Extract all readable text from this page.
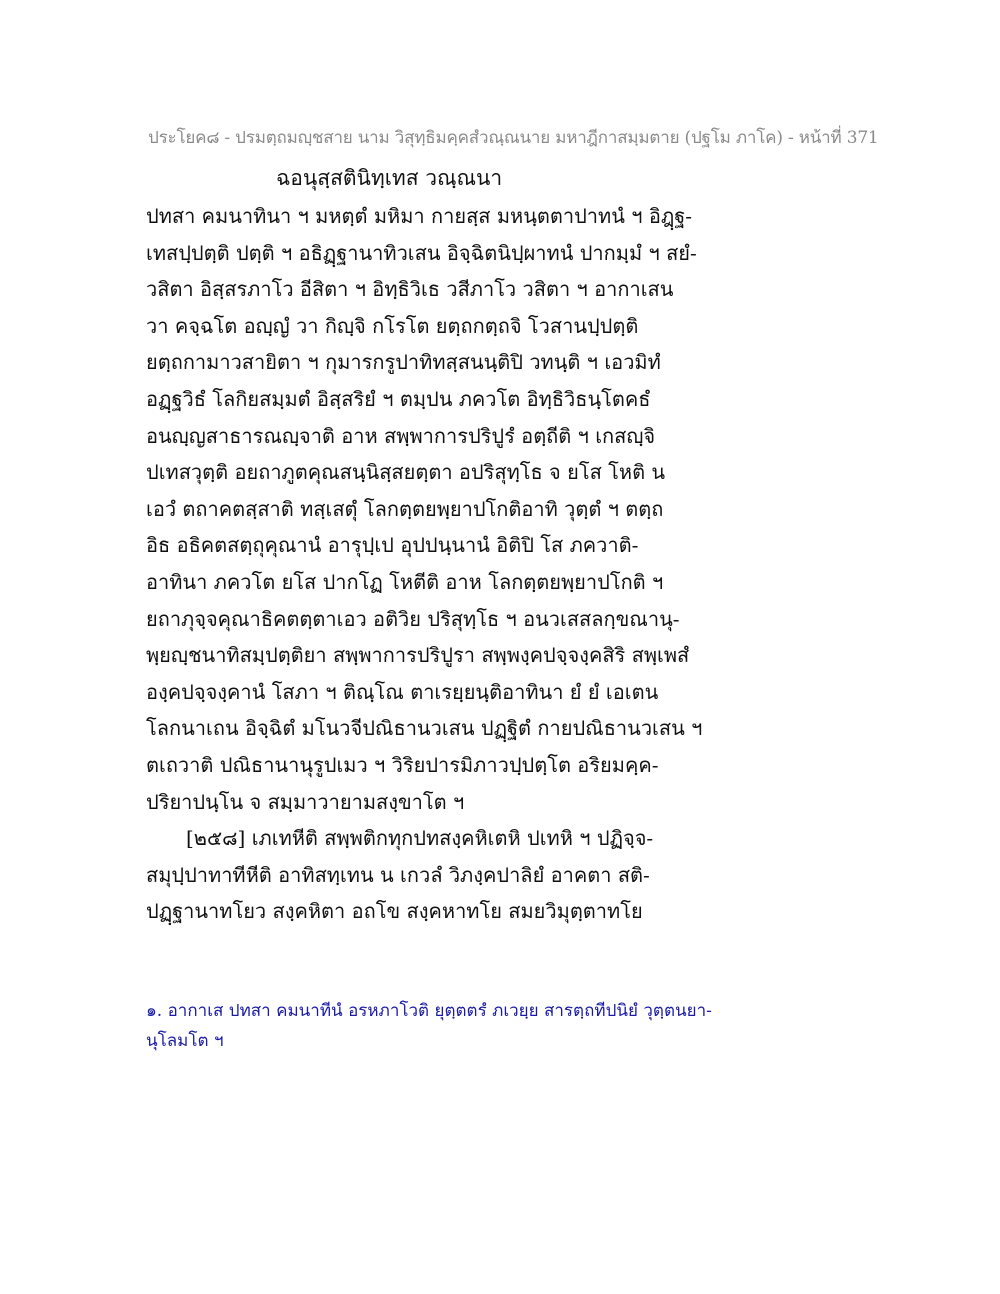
ประโยค๘ - ปรมตฺถมญฺชสาย นาม วิสุทฺธิมคฺคสํวณฺณนาย มหาฎีกาสมฺมตาย (ปฐโม ภาโค) - หน้าที่ 371
ฉอนุสฺสตินิทฺเทส วณฺณนา
ปทสา คมนาทินา ฯ มหตฺตํ มหิมา กายสฺส มหนฺตตาปาทนํ ฯ อิฎฺฐ-
เทสปฺปตฺติ ปตฺติ ฯ อธิฏฺฐานาทิวเสน อิจฺฉิตนิปฺผาทนํ ปากมฺมํ ฯ สยํ-
วสิตา อิสฺสรภาโว อีสิตา ฯ อิทฺธิวิเธ วสีภาโว วสิตา ฯ อากาเสน
วา คจฺฉโต อญฺญํ วา กิญฺจิ กโรโต ยตฺถกตฺถจิ โวสานปฺปตฺติ
ยตฺถกามาวสายิตา ฯ กุมารกรูปาทิทสฺสนนฺติปิ วทนฺติ ฯ เอวมิทํ
อฏฺฐวิธํ โลกิยสมฺมตํ อิสฺสริยํ ฯ ตมฺปน ภควโต อิทฺธิวิธนฺโตคธํ
อนญฺญสาธารณญฺจาติ อาห สพฺพาการปริปูรํ อตฺถีติ ฯ เกสญฺจิ
ปเทสวุตฺติ อยถาภูตคุณสนฺนิสฺสยตฺตา อปริสุทฺโธ จ ยโส โหติ น
เอวํ ตถาคตสฺสาติ ทสฺเสตุํ โลกตฺตยพฺยาปโกติอาทิ วุตฺตํ ฯ ตตฺถ
อิธ อธิคตสตฺถุคุณานํ อารุปฺเป อุปปนฺนานํ อิติปิ โส ภควาติ-
อาทินา ภควโต ยโส ปากโฏ โหตีติ อาห โลกตฺตยพฺยาปโกติ ฯ
ยถาภุจฺจคุณาธิคตตฺตาเอว อติวิย ปริสุทฺโธ ฯ อนวเสสลกฺขณานุ-
พฺยญฺชนาทิสมฺปตฺติยา สพฺพาการปริปูรา สพฺพงฺคปจฺจงฺคสิริ สพฺเพสํ
องฺคปจฺจงฺคานํ โสภา ฯ ติณฺโณ ตาเรยฺยนฺติอาทินา ยํ ยํ เอเตน
โลกนาเถน อิจฺฉิตํ มโนวจีปณิธานวเสน ปฏฺฐิตํ กายปณิธานวเสน ฯ
ตเถวาติ ปณิธานานุรูปเมว ฯ วิริยปารมิภาวปฺปตฺโต อริยมคฺค-
ปริยาปนฺโน จ สมฺมาวายามสงฺขาโต ฯ
[๒๕๘] เภเทหีติ สพฺพติกทุกปทสงฺคหิเตหิ ปเทหิ ฯ ปฏิจฺจ-
สมุปฺปาทาทีหีติ อาทิสทฺเทน น เกวลํ วิภงฺคปาลิยํ อาคตา สติ-
ปฏฺฐานาทโยว สงฺคหิตา อถโข สงฺคหาทโย สมยวิมุตฺตาทโย
๑. อากาเส ปทสา คมนาทีนํ อรหภาโวติ ยุตฺตตรํ ภเวยฺย สารตฺถทีปนิยํ วุตฺตนยา-
นุโลมโต ฯ
